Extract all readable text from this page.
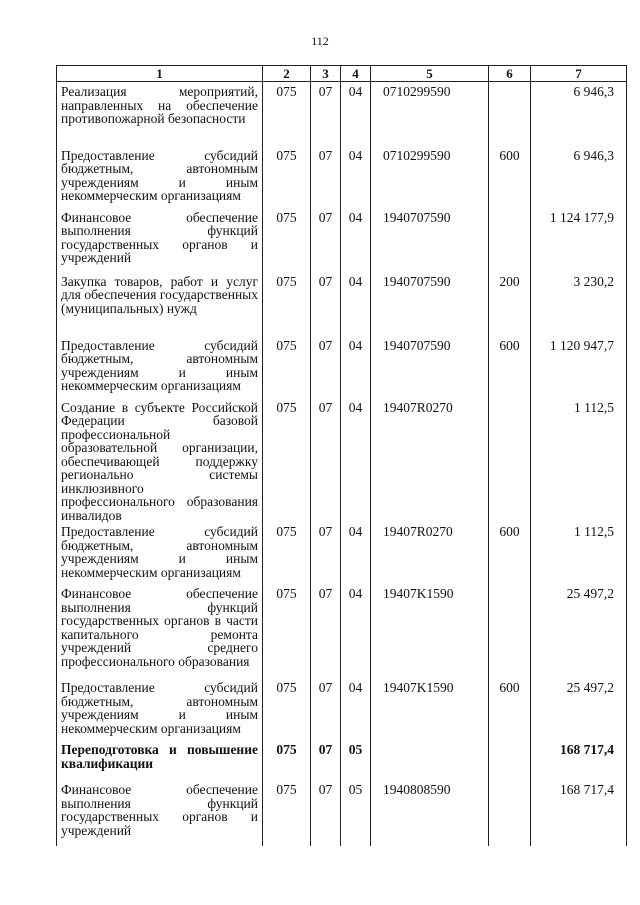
112
1	2	3	4	5	6	7
Реализация мероприятий, направленных на обеспечение противопожарной безопасности	075	07	04	0710299590		6 946,3
Предоставление субсидий бюджетным, автономным учреждениям и иным некоммерческим организациям	075	07	04	0710299590	600	6 946,3
Финансовое обеспечение выполнения функций государственных органов и учреждений	075	07	04	1940707590		1 124 177,9
Закупка товаров, работ и услуг для обеспечения государственных (муниципальных) нужд	075	07	04	1940707590	200	3 230,2
Предоставление субсидий бюджетным, автономным учреждениям и иным некоммерческим организациям	075	07	04	1940707590	600	1 120 947,7
Создание в субъекте Российской Федерации базовой профессиональной образовательной организации, обеспечивающей поддержку регионально системы инклюзивного профессионального образования инвалидов	075	07	04	19407R0270		1 112,5
Предоставление субсидий бюджетным, автономным учреждениям и иным некоммерческим организациям	075	07	04	19407R0270	600	1 112,5
Финансовое обеспечение выполнения функций государственных органов в части капитального ремонта учреждений среднего профессионального образования	075	07	04	19407K1590		25 497,2
Предоставление субсидий бюджетным, автономным учреждениям и иным некоммерческим организациям	075	07	04	19407K1590	600	25 497,2
Переподготовка и повышение квалификации	075	07	05			168 717,4
Финансовое обеспечение выполнения функций государственных органов и учреждений	075	07	05	1940808590		168 717,4
